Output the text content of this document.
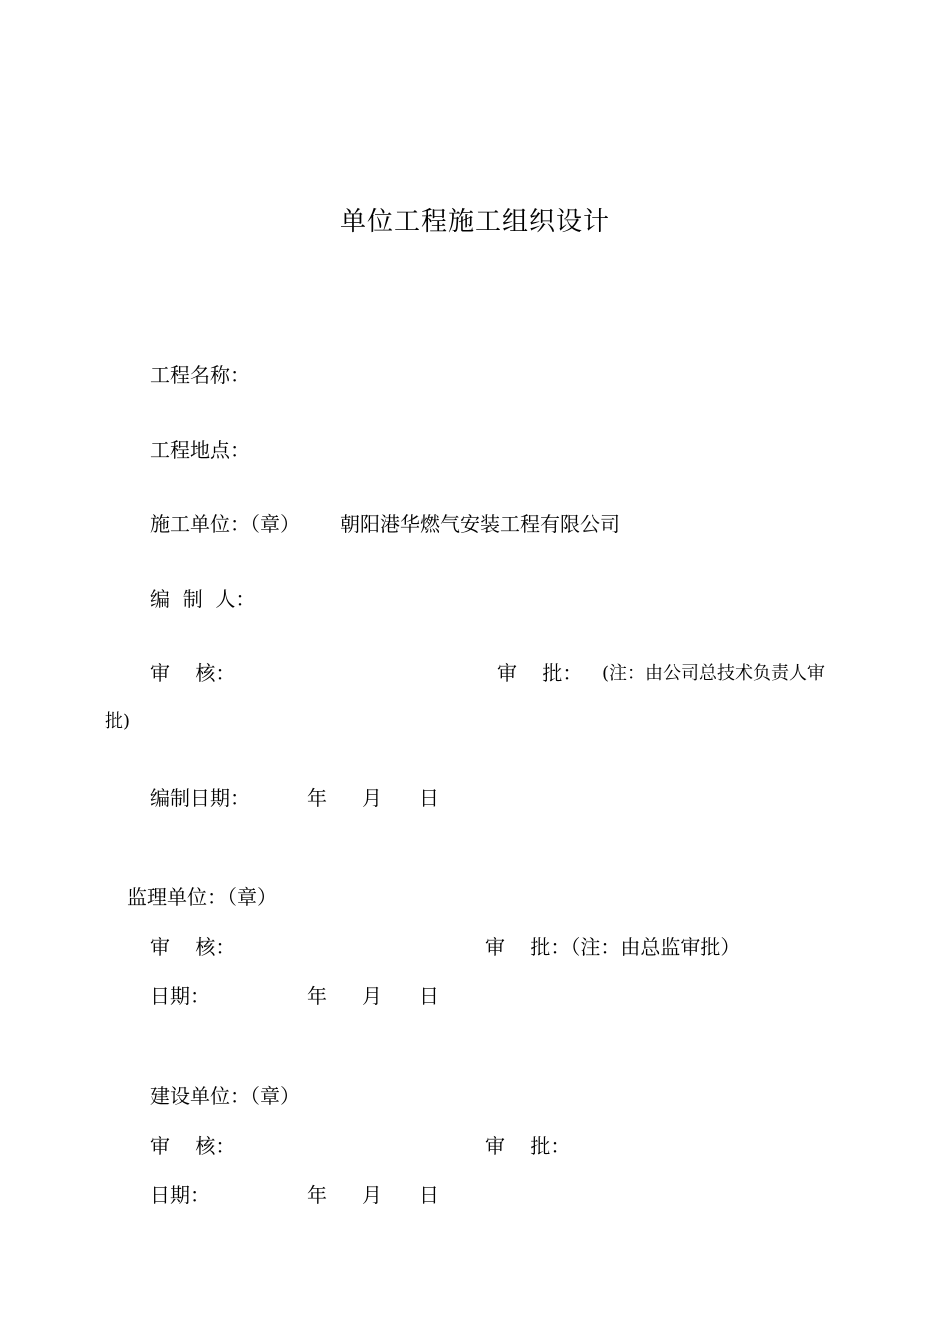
单位工程施工组织设计
工程名称：
工程地点：
施工单位：（章） 朝阳港华燃气安装工程有限公司
编  制  人：
审    核：	审    批： (注：由公司总技术负责人审
批)
编制日期：	年 月 日
监理单位：（章）
审    核：	审    批：（注：由总监审批）
日期：	年 月 日
建设单位：（章）
审    核：	审    批：
日期：	年 月 日
